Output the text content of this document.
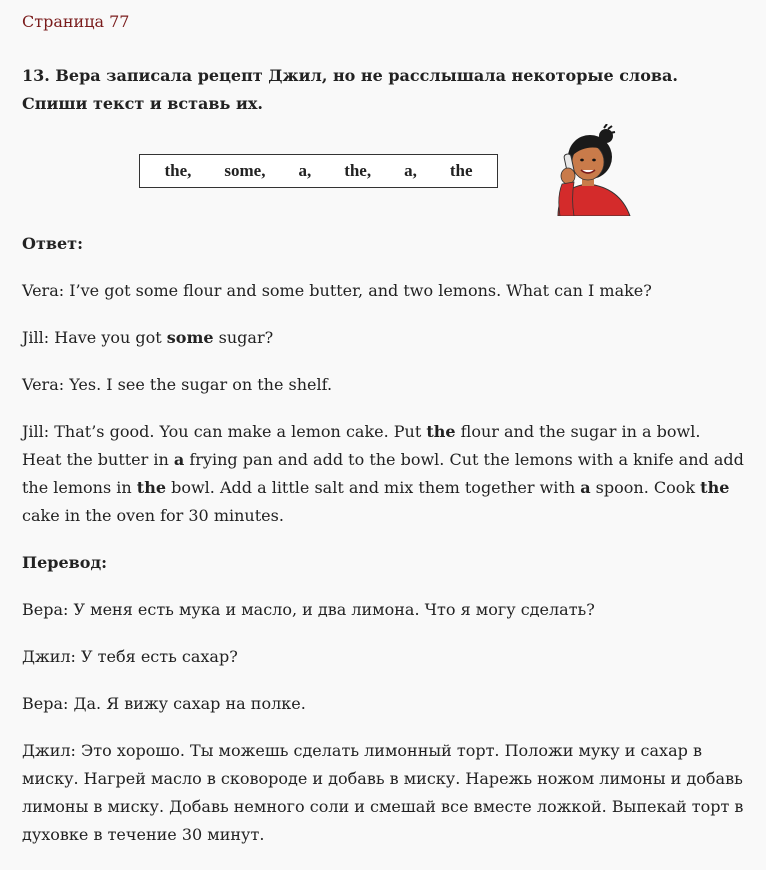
Страница 77

13. Вера записала рецепт Джил, но не расслышала некоторые слова.

Спиши текст и вставь их.

the, some, a, the, a, the
Ответ:

Vera: I’ve got some flour and some butter, and two lemons. What can I make?

Jill: Have you got some sugar?

Vera: Yes. I see the sugar on the shelf.

Jill: That’s good. You can make a lemon cake. Put the flour and the sugar in a bowl. Heat the butter in a frying pan and add to the bowl. Cut the lemons with a knife and add the lemons in the bowl. Add a little salt and mix them together with a spoon. Cook the cake in the oven for 30 minutes.

Перевод:

Вера: У меня есть мука и масло, и два лимона. Что я могу сделать?

Джил: У тебя есть сахар?

Вера: Да. Я вижу сахар на полке.

Джил: Это хорошо. Ты можешь сделать лимонный торт. Положи муку и сахар в миску. Нагрей масло в сковороде и добавь в миску. Нарежь ножом лимоны и добавь лимоны в миску. Добавь немного соли и смешай все вместе ложкой. Выпекай торт в духовке в течение 30 минут.
